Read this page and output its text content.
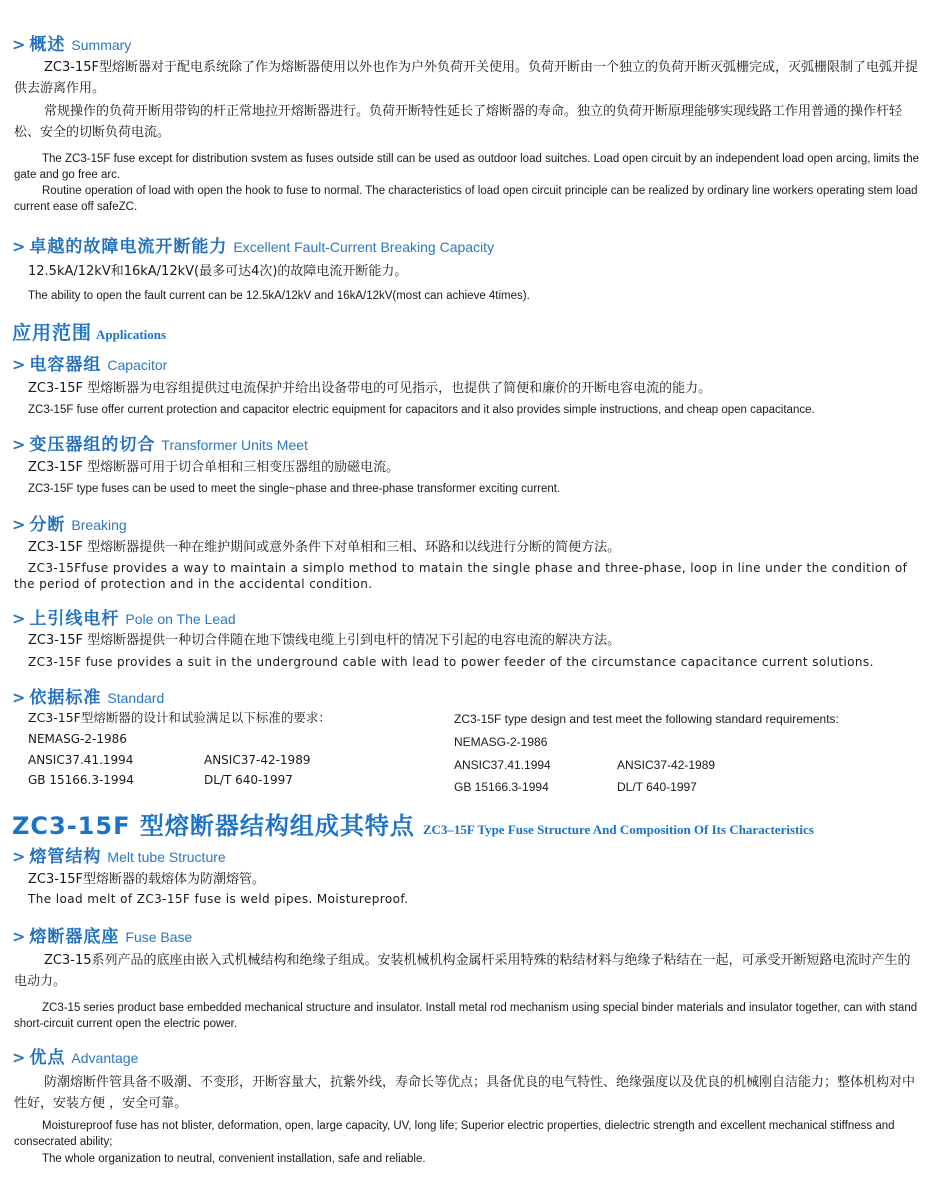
> 概述 Summary
ZC3-15F型熔断器对于配电系统除了作为熔断器使用以外也作为户外负荷开关使用。负荷开断由一个独立的负荷开断灭弧栅完成，灭弧栅限制了电弧并提供去游离作用。
常规操作的负荷开断用带钩的杆正常地拉开熔断器进行。负荷开断特性延长了熔断器的寿命。独立的负荷开断原理能够实现线路工作用普通的操作杆轻松、安全的切断负荷电流。
The ZC3-15F fuse except for distribution svstem as fuses outside still can be used as outdoor load suitches. Load open circuit by an independent load open arcing, limits the gate and go free arc.
Routine operation of load with open the hook to fuse to normal. The characteristics of load open circuit principle can be realized by ordinary line workers operating stem load current ease off safeZC.
> 卓越的故障电流开断能力 Excellent Fault-Current Breaking Capacity
12.5kA/12kV和16kA/12kV(最多可达4次)的故障电流开断能力。
The ability to open the fault current can be 12.5kA/12kV and 16kA/12kV(most can achieve 4times).
应用范围 Applications
> 电容器组 Capacitor
ZC3-15F 型熔断器为电容组提供过电流保护并给出设备带电的可见指示，也提供了简便和廉价的开断电容电流的能力。
ZC3-15F fuse offer current protection and capacitor electric equipment for capacitors and it also provides simple instructions, and cheap open capacitance.
> 变压器组的切合 Transformer Units Meet
ZC3-15F 型熔断器可用于切合单相和三相变压器组的励磁电流。
ZC3-15F type fuses can be used to meet the single~phase and three-phase transformer exciting current.
> 分断 Breaking
ZC3-15F 型熔断器提供一种在维护期间或意外条件下对单相和三相、环路和以线进行分断的简便方法。
ZC3-15Ffuse provides a way to maintain a simplo method to matain the single phase and three-phase, loop in line under the condition of the period of protection and in the accidental condition.
> 上引线电杆 Pole on The Lead
ZC3-15F 型熔断器提供一种切合伴随在地下馈线电缆上引到电杆的情况下引起的电容电流的解决方法。
ZC3-15F fuse provides a suit in the underground cable with lead to power feeder of the circumstance capacitance current solutions.
> 依据标准 Standard
ZC3-15F型熔断器的设计和试验满足以下标准的要求：
NEMASG-2-1986
ANSIC37.41.1994	ANSIC37-42-1989
GB 15166.3-1994	DL/T 640-1997
ZC3-15F type design and test meet the following standard requirements:
NEMASG-2-1986
ANSIC37.41.1994	ANSIC37-42-1989
GB 15166.3-1994	DL/T 640-1997
ZC3-15F 型熔断器结构组成其特点 ZC3–15F Type Fuse Structure And Composition Of Its Characteristics
> 熔管结构 Melt tube Structure
ZC3-15F型熔断器的载熔体为防潮熔管。
The load melt of ZC3-15F fuse is weld pipes. Moistureproof.
> 熔断器底座 Fuse Base
ZC3-15系列产品的底座由嵌入式机械结构和绝缘子组成。安装机械机构金属杆采用特殊的粘结材料与绝缘子粘结在一起，可承受开断短路电流时产生的电动力。
ZC3-15 series product base embedded mechanical structure and insulator. Install metal rod mechanism using special binder materials and insulator together, can with stand short-circuit current open the electric power.
> 优点 Advantage
防潮熔断件管具备不吸潮、不变形，开断容量大，抗紫外线，寿命长等优点；具备优良的电气特性、绝缘强度以及优良的机械刚自洁能力；整体机构对中性好，安装方便 ，安全可靠。
Moistureproof fuse has not blister, deformation, open, large capacity, UV, long life; Superior electric properties, dielectric strength and excellent mechanical stiffness and consecrated ability;
The whole organization to neutral, convenient installation, safe and reliable.
